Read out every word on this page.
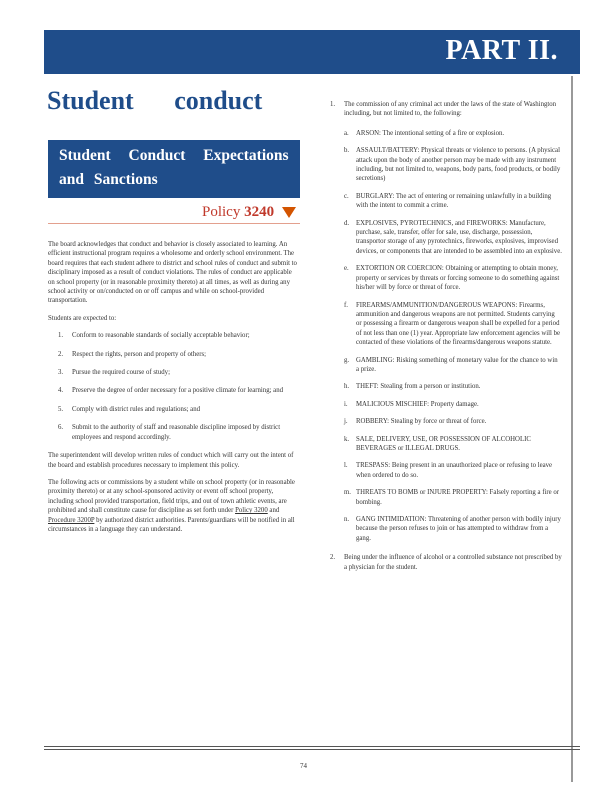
PART II.
Student conduct
Student Conduct Expectations
and Sanctions
Policy 3240

The board acknowledges that conduct and behavior is closely associated to learning. An efficient instructional program requires a wholesome and orderly school environment. The board requires that each student adhere to district and school rules of conduct and submit to disciplinary imposed as a result of conduct violations. The rules of conduct are applicable on school property (or in reasonable proximity thereto) at all times, as well as during any school activity or on/conducted on or off campus and while on school-provided transportation.

Students are expected to:

1.	Conform to reasonable standards of socially acceptable behavior;
2.	Respect the rights, person and property of others;
3.	Pursue the required course of study;
4.	Preserve the degree of order necessary for a positive climate for learning; and
5.	Comply with district rules and regulations; and
6.	Submit to the authority of staff and reasonable discipline imposed by district employees and respond accordingly.

The superintendent will develop written rules of conduct which will carry out the intent of the board and establish procedures necessary to implement this policy.

The following acts or commissions by a student while on school property (or in reasonable proximity thereto) or at any school-sponsored activity or event off school property, including school provided transportation, field trips, and out of town athletic events, are prohibited and shall constitute cause for discipline as set forth under Policy 3200 and Procedure 3200P by authorized district authorities. Parents/guardians will be notified in all circumstances in a language they can understand.

1.	The commission of any criminal act under the laws of the state of Washington including, but not limited to, the following:
a.	ARSON: The intentional setting of a fire or explosion.
b.	ASSAULT/BATTERY: Physical threats or violence to persons. (A physical attack upon the body of another person may be made with any instrument including, but not limited to, weapons, body parts, food products, or bodily secretions)
c.	BURGLARY: The act of entering or remaining unlawfully in a building with the intent to commit a crime.
d.	EXPLOSIVES, PYROTECHNICS, and FIREWORKS: Manufacture, purchase, sale, transfer, offer for sale, use, discharge, possession, transportor storage of any pyrotechnics, fireworks, explosives, improvised devices, or components that are intended to be assembled into an explosive.
e.	EXTORTION OR COERCION: Obtaining or attempting to obtain money, property or services by threats or forcing someone to do something against his/her will by force or threat of force.
f.	FIREARMS/AMMUNITION/DANGEROUS WEAPONS: Firearms, ammunition and dangerous weapons are not permitted. Students carrying or possessing a firearm or dangerous weapon shall be expelled for a period of not less than one (1) year. Appropriate law enforcement agencies will be contacted of these violations of the firearms/dangerous weapons statute.
g.	GAMBLING: Risking something of monetary value for the chance to win a prize.
h.	THEFT: Stealing from a person or institution.
i.	MALICIOUS MISCHIEF: Property damage.
j.	ROBBERY: Stealing by force or threat of force.
k.	SALE, DELIVERY, USE, OR POSSESSION OF ALCOHOLIC BEVERAGES or ILLEGAL DRUGS.
l.	TRESPASS: Being present in an unauthorized place or refusing to leave when ordered to do so.
m. THREATS TO BOMB or INJURE PROPERTY: Falsely reporting a fire or bombing.
n.	GANG INTIMIDATION: Threatening of another person with bodily injury because the person refuses to join or has attempted to withdraw from a gang.
2.	Being under the influence of alcohol or a controlled substance not prescribed by a physician for the student.
74
